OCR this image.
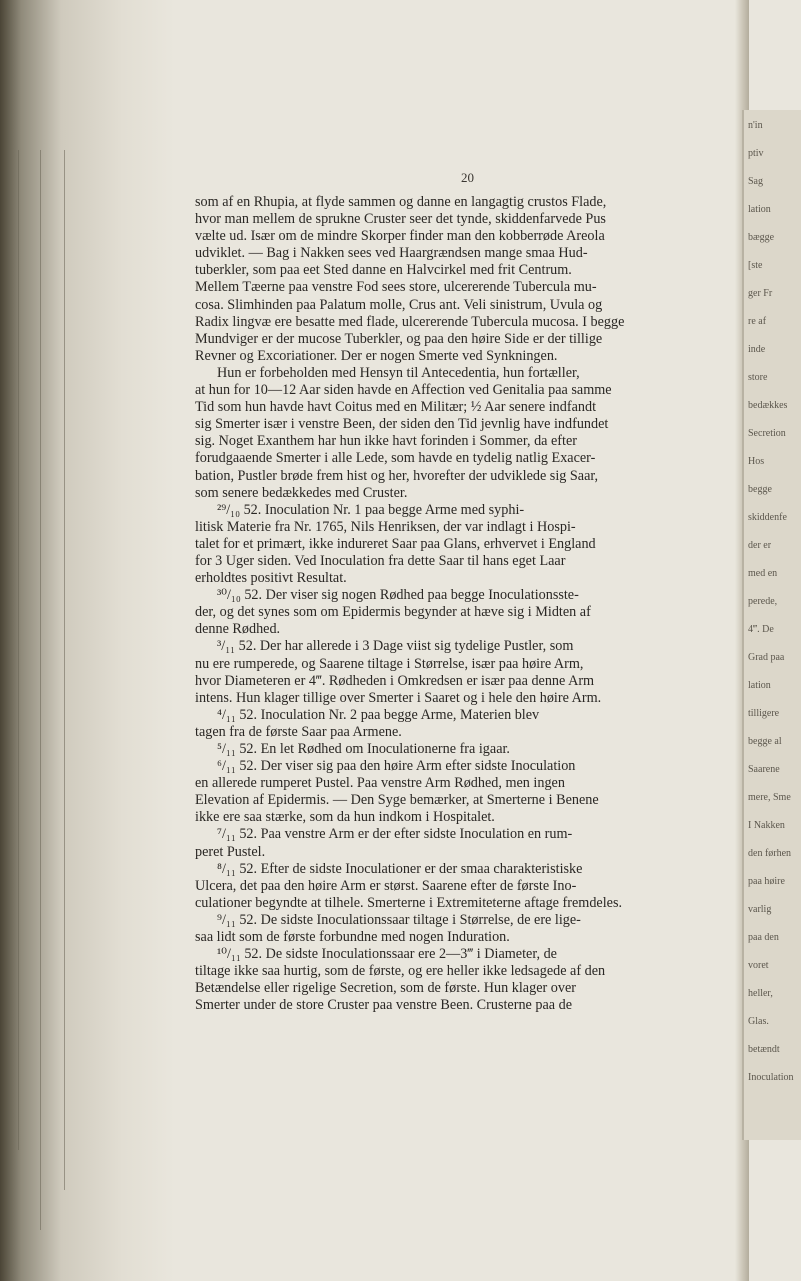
n'in
ptiv
Sag
lation
bægge
[ste
ger Fr
re af
inde
store
bedækkes
Secretion
Hos
begge
skiddenfe
der er
med en
perede,
4‴. De
Grad paa
lation
tilligere
begge al
Saarene
mere, Sme
I Nakken
den førhen
paa høire
varlig
paa den
voret
heller,
Glas.
betændt
Inoculation
20
som af en Rhupia, at flyde sammen og danne en langagtig crustos Flade,
hvor man mellem de sprukne Cruster seer det tynde, skiddenfarvede Pus
vælte ud. Især om de mindre Skorper finder man den kobberrøde Areola
udviklet. — Bag i Nakken sees ved Haargrændsen mange smaa Hud-
tuberkler, som paa eet Sted danne en Halvcirkel med frit Centrum.
Mellem Tæerne paa venstre Fod sees store, ulcererende Tubercula mu-
cosa. Slimhinden paa Palatum molle, Crus ant. Veli sinistrum, Uvula og
Radix lingvæ ere besatte med flade, ulcererende Tubercula mucosa. I begge
Mundviger er der mucose Tuberkler, og paa den høire Side er der tillige
Revner og Excoriationer. Der er nogen Smerte ved Synkningen.
Hun er forbeholden med Hensyn til Antecedentia, hun fortæller,
at hun for 10—12 Aar siden havde en Affection ved Genitalia paa samme
Tid som hun havde havt Coitus med en Militær; ½ Aar senere indfandt
sig Smerter især i venstre Been, der siden den Tid jevnlig have indfundet
sig. Noget Exanthem har hun ikke havt forinden i Sommer, da efter
forudgaaende Smerter i alle Lede, som havde en tydelig natlig Exacer-
bation, Pustler brøde frem hist og her, hvorefter der udviklede sig Saar,
som senere bedækkedes med Cruster.
²⁹/₁₀ 52. Inoculation Nr. 1 paa begge Arme med syphi-
litisk Materie fra Nr. 1765, Nils Henriksen, der var indlagt i Hospi-
talet for et primært, ikke indureret Saar paa Glans, erhvervet i England
for 3 Uger siden. Ved Inoculation fra dette Saar til hans eget Laar
erholdtes positivt Resultat.
³⁰/₁₀ 52. Der viser sig nogen Rødhed paa begge Inoculationsste-
der, og det synes som om Epidermis begynder at hæve sig i Midten af
denne Rødhed.
³/₁₁ 52. Der har allerede i 3 Dage viist sig tydelige Pustler, som
nu ere rumperede, og Saarene tiltage i Størrelse, især paa høire Arm,
hvor Diameteren er 4‴. Rødheden i Omkredsen er især paa denne Arm
intens. Hun klager tillige over Smerter i Saaret og i hele den høire Arm.
⁴/₁₁ 52. Inoculation Nr. 2 paa begge Arme, Materien blev
tagen fra de første Saar paa Armene.
⁵/₁₁ 52. En let Rødhed om Inoculationerne fra igaar.
⁶/₁₁ 52. Der viser sig paa den høire Arm efter sidste Inoculation
en allerede rumperet Pustel. Paa venstre Arm Rødhed, men ingen
Elevation af Epidermis. — Den Syge bemærker, at Smerterne i Benene
ikke ere saa stærke, som da hun indkom i Hospitalet.
⁷/₁₁ 52. Paa venstre Arm er der efter sidste Inoculation en rum-
peret Pustel.
⁸/₁₁ 52. Efter de sidste Inoculationer er der smaa charakteristiske
Ulcera, det paa den høire Arm er størst. Saarene efter de første Ino-
culationer begyndte at tilhele. Smerterne i Extremiteterne aftage fremdeles.
⁹/₁₁ 52. De sidste Inoculationssaar tiltage i Størrelse, de ere lige-
saa lidt som de første forbundne med nogen Induration.
¹⁰/₁₁ 52. De sidste Inoculationssaar ere 2—3‴ i Diameter, de
tiltage ikke saa hurtig, som de første, og ere heller ikke ledsagede af den
Betændelse eller rigelige Secretion, som de første. Hun klager over
Smerter under de store Cruster paa venstre Been. Crusterne paa de
